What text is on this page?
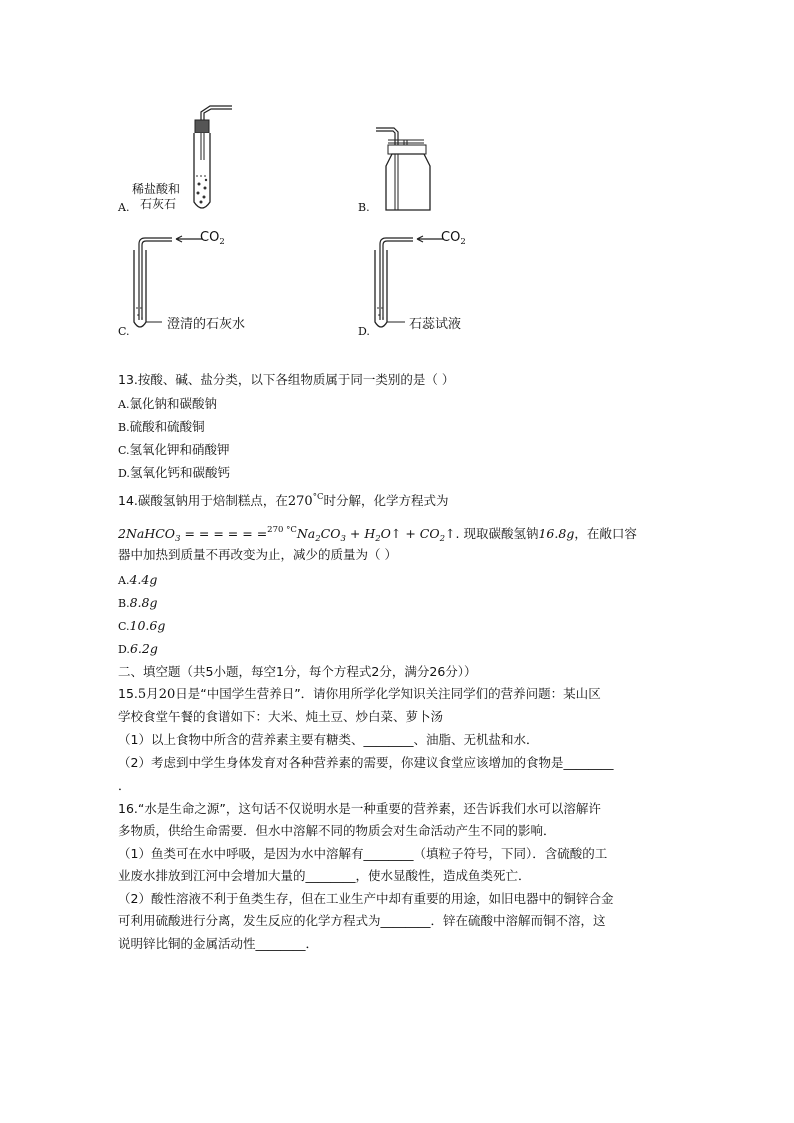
稀盐酸和
石灰石
A.	B.
$CO_2$
澄清的石灰水
C.
$CO_2$
石蕊试液
D.
13.按酸、碱、盐分类，以下各组物质属于同一类别的是（ ）
A.氯化钠和碳酸钠
B.硫酸和硫酸铜
C.氢氧化钾和硝酸钾
D.氢氧化钙和碳酸钙
14.碳酸氢钠用于焙制糕点，在$270^{^\circ C}$时分解，化学方程式为
2NaHCO$_3$ = = = = = $=^{270 ^\circ C}Na_2CO_3$ + $H_2O↑$ + $CO_2↑$. 现取碳酸氢钠16.8g，在敞口容
器中加热到质量不再改变为止，减少的质量为（ ）
A.4.4g
B.8.8g
C.10.6g
D.6.2g
二、填空题（共5小题，每空1分，每个方程式2分，满分26分））
15.5月20日是“中国学生营养日”．请你用所学化学知识关注同学们的营养问题：某山区
学校食堂午餐的食谱如下：大米、炖土豆、炒白菜、萝卜汤
（1）以上食物中所含的营养素主要有糖类、________、油脂、无机盐和水．
（2）考虑到中学生身体发育对各种营养素的需要，你建议食堂应该增加的食物是________
．
16.“水是生命之源”，这句话不仅说明水是一种重要的营养素，还告诉我们水可以溶解许
多物质，供给生命需要．但水中溶解不同的物质会对生命活动产生不同的影响．
（1）鱼类可在水中呼吸，是因为水中溶解有________（填粒子符号，下同）．含硫酸的工
业废水排放到江河中会增加大量的________，使水显酸性，造成鱼类死亡．
（2）酸性溶液不利于鱼类生存，但在工业生产中却有重要的用途，如旧电器中的铜锌合金
可利用硫酸进行分离，发生反应的化学方程式为________．锌在硫酸中溶解而铜不溶，这
说明锌比铜的金属活动性________．
